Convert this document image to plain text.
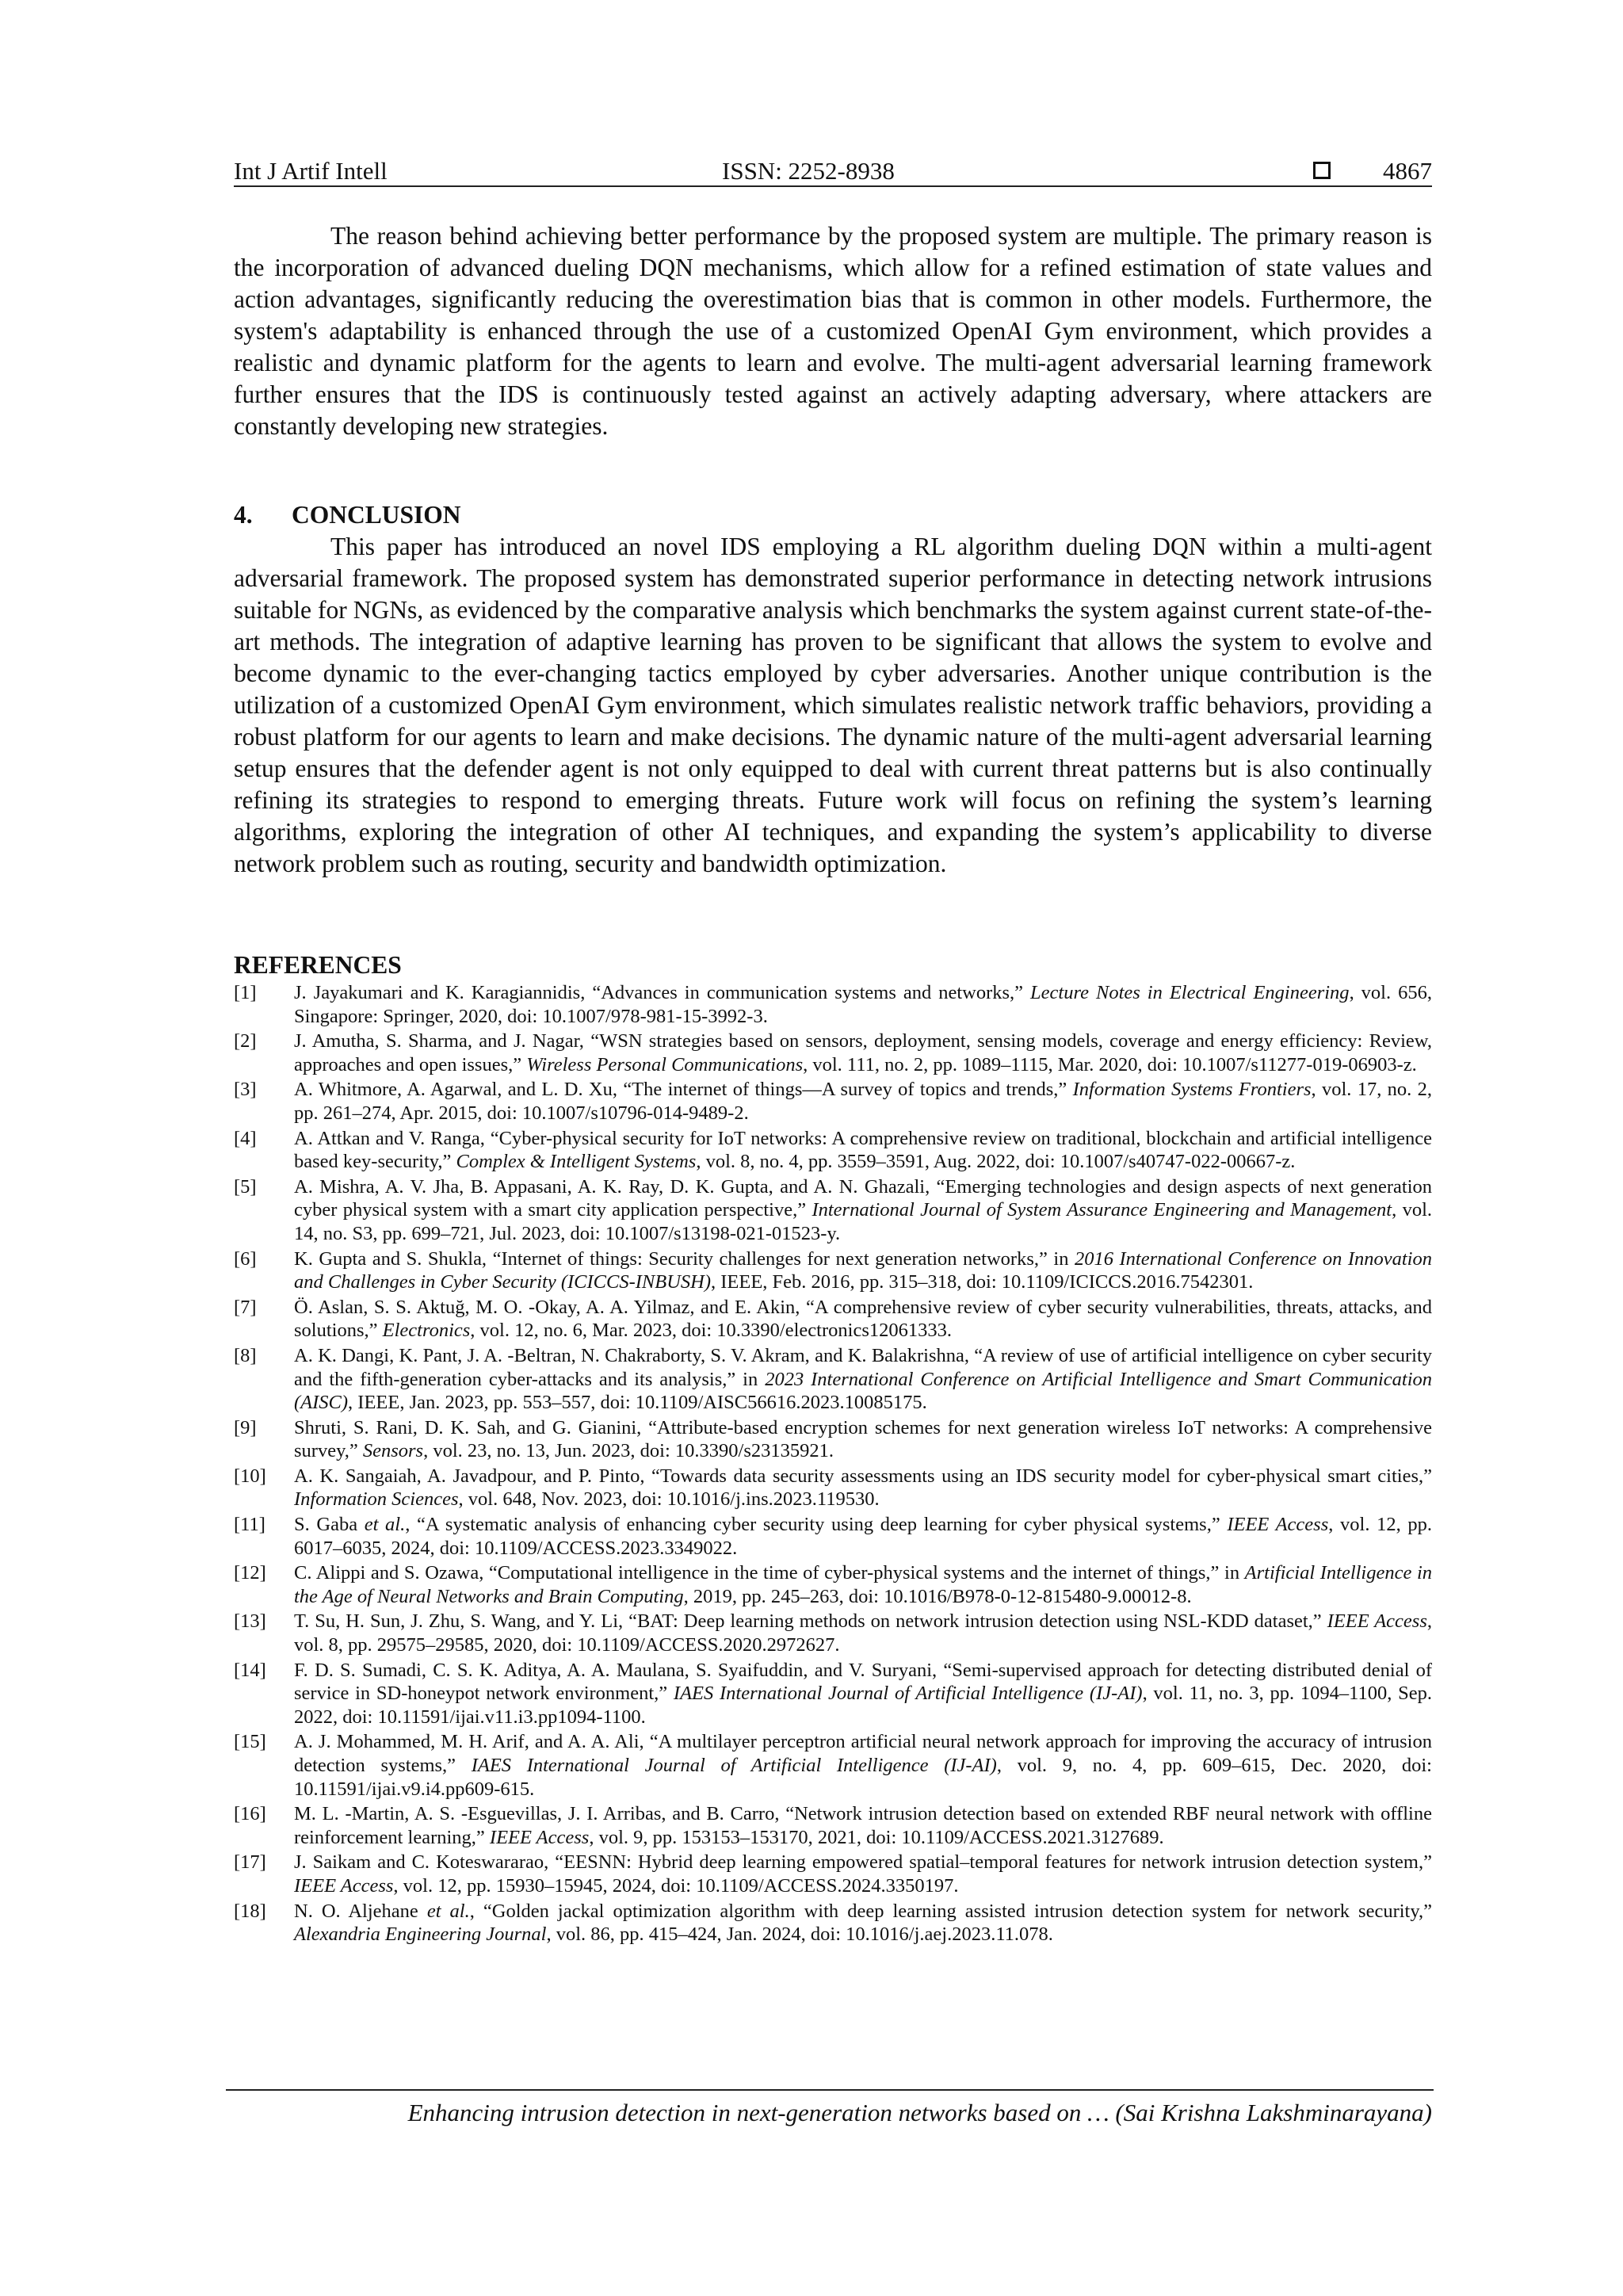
Int J Artif Intell	ISSN: 2252-8938	4867

The reason behind achieving better performance by the proposed system are multiple. The primary reason is the incorporation of advanced dueling DQN mechanisms, which allow for a refined estimation of state values and action advantages, significantly reducing the overestimation bias that is common in other models. Furthermore, the system's adaptability is enhanced through the use of a customized OpenAI Gym environment, which provides a realistic and dynamic platform for the agents to learn and evolve. The multi-agent adversarial learning framework further ensures that the IDS is continuously tested against an actively adapting adversary, where attackers are constantly developing new strategies.

4. CONCLUSION

This paper has introduced an novel IDS employing a RL algorithm dueling DQN within a multi-agent adversarial framework. The proposed system has demonstrated superior performance in detecting network intrusions suitable for NGNs, as evidenced by the comparative analysis which benchmarks the system against current state-of-the-art methods. The integration of adaptive learning has proven to be significant that allows the system to evolve and become dynamic to the ever-changing tactics employed by cyber adversaries. Another unique contribution is the utilization of a customized OpenAI Gym environment, which simulates realistic network traffic behaviors, providing a robust platform for our agents to learn and make decisions. The dynamic nature of the multi-agent adversarial learning setup ensures that the defender agent is not only equipped to deal with current threat patterns but is also continually refining its strategies to respond to emerging threats. Future work will focus on refining the system’s learning algorithms, exploring the integration of other AI techniques, and expanding the system’s applicability to diverse network problem such as routing, security and bandwidth optimization.

REFERENCES
[1] J. Jayakumari and K. Karagiannidis, “Advances in communication systems and networks,” Lecture Notes in Electrical Engineering, vol. 656, Singapore: Springer, 2020, doi: 10.1007/978-981-15-3992-3.
[2] J. Amutha, S. Sharma, and J. Nagar, “WSN strategies based on sensors, deployment, sensing models, coverage and energy efficiency: Review, approaches and open issues,” Wireless Personal Communications, vol. 111, no. 2, pp. 1089–1115, Mar. 2020, doi: 10.1007/s11277-019-06903-z.
[3] A. Whitmore, A. Agarwal, and L. D. Xu, “The internet of things—A survey of topics and trends,” Information Systems Frontiers, vol. 17, no. 2, pp. 261–274, Apr. 2015, doi: 10.1007/s10796-014-9489-2.
[4] A. Attkan and V. Ranga, “Cyber-physical security for IoT networks: A comprehensive review on traditional, blockchain and artificial intelligence based key-security,” Complex & Intelligent Systems, vol. 8, no. 4, pp. 3559–3591, Aug. 2022, doi: 10.1007/s40747-022-00667-z.
[5] A. Mishra, A. V. Jha, B. Appasani, A. K. Ray, D. K. Gupta, and A. N. Ghazali, “Emerging technologies and design aspects of next generation cyber physical system with a smart city application perspective,” International Journal of System Assurance Engineering and Management, vol. 14, no. S3, pp. 699–721, Jul. 2023, doi: 10.1007/s13198-021-01523-y.
[6] K. Gupta and S. Shukla, “Internet of things: Security challenges for next generation networks,” in 2016 International Conference on Innovation and Challenges in Cyber Security (ICICCS-INBUSH), IEEE, Feb. 2016, pp. 315–318, doi: 10.1109/ICICCS.2016.7542301.
[7] Ö. Aslan, S. S. Aktuğ, M. O. -Okay, A. A. Yilmaz, and E. Akin, “A comprehensive review of cyber security vulnerabilities, threats, attacks, and solutions,” Electronics, vol. 12, no. 6, Mar. 2023, doi: 10.3390/electronics12061333.
[8] A. K. Dangi, K. Pant, J. A. -Beltran, N. Chakraborty, S. V. Akram, and K. Balakrishna, “A review of use of artificial intelligence on cyber security and the fifth-generation cyber-attacks and its analysis,” in 2023 International Conference on Artificial Intelligence and Smart Communication (AISC), IEEE, Jan. 2023, pp. 553–557, doi: 10.1109/AISC56616.2023.10085175.
[9] Shruti, S. Rani, D. K. Sah, and G. Gianini, “Attribute-based encryption schemes for next generation wireless IoT networks: A comprehensive survey,” Sensors, vol. 23, no. 13, Jun. 2023, doi: 10.3390/s23135921.
[10] A. K. Sangaiah, A. Javadpour, and P. Pinto, “Towards data security assessments using an IDS security model for cyber-physical smart cities,” Information Sciences, vol. 648, Nov. 2023, doi: 10.1016/j.ins.2023.119530.
[11] S. Gaba et al., “A systematic analysis of enhancing cyber security using deep learning for cyber physical systems,” IEEE Access, vol. 12, pp. 6017–6035, 2024, doi: 10.1109/ACCESS.2023.3349022.
[12] C. Alippi and S. Ozawa, “Computational intelligence in the time of cyber-physical systems and the internet of things,” in Artificial Intelligence in the Age of Neural Networks and Brain Computing, 2019, pp. 245–263, doi: 10.1016/B978-0-12-815480-9.00012-8.
[13] T. Su, H. Sun, J. Zhu, S. Wang, and Y. Li, “BAT: Deep learning methods on network intrusion detection using NSL-KDD dataset,” IEEE Access, vol. 8, pp. 29575–29585, 2020, doi: 10.1109/ACCESS.2020.2972627.
[14] F. D. S. Sumadi, C. S. K. Aditya, A. A. Maulana, S. Syaifuddin, and V. Suryani, “Semi-supervised approach for detecting distributed denial of service in SD-honeypot network environment,” IAES International Journal of Artificial Intelligence (IJ-AI), vol. 11, no. 3, pp. 1094–1100, Sep. 2022, doi: 10.11591/ijai.v11.i3.pp1094-1100.
[15] A. J. Mohammed, M. H. Arif, and A. A. Ali, “A multilayer perceptron artificial neural network approach for improving the accuracy of intrusion detection systems,” IAES International Journal of Artificial Intelligence (IJ-AI), vol. 9, no. 4, pp. 609–615, Dec. 2020, doi: 10.11591/ijai.v9.i4.pp609-615.
[16] M. L. -Martin, A. S. -Esguevillas, J. I. Arribas, and B. Carro, “Network intrusion detection based on extended RBF neural network with offline reinforcement learning,” IEEE Access, vol. 9, pp. 153153–153170, 2021, doi: 10.1109/ACCESS.2021.3127689.
[17] J. Saikam and C. Koteswararao, “EESNN: Hybrid deep learning empowered spatial–temporal features for network intrusion detection system,” IEEE Access, vol. 12, pp. 15930–15945, 2024, doi: 10.1109/ACCESS.2024.3350197.
[18] N. O. Aljehane et al., “Golden jackal optimization algorithm with deep learning assisted intrusion detection system for network security,” Alexandria Engineering Journal, vol. 86, pp. 415–424, Jan. 2024, doi: 10.1016/j.aej.2023.11.078.
Enhancing intrusion detection in next-generation networks based on … (Sai Krishna Lakshminarayana)
